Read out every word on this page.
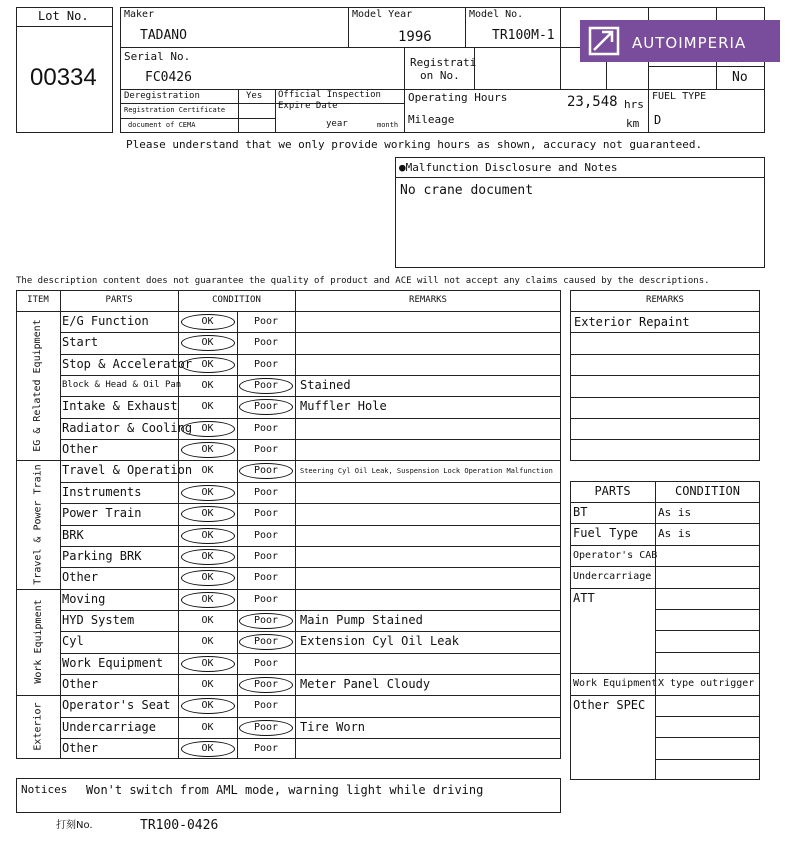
Lot No.
00334
Maker
TADANO
Model Year
1996
Model No.
TR100M-1
No
Serial No.
FC0426
Registrati
on No.
Deregistration	Yes
Registration Certificate
document of CEMA
Official Inspection
Expire Date
year	month
Operating Hours	23,548 hrs
Mileage	km
FUEL TYPE
D
AUTOIMPERIA
Please understand that we only provide working hours as shown, accuracy not guaranteed.
●Malfunction Disclosure and Notes
No crane document
The description content does not guarantee the quality of product and ACE will not accept any claims caused by the descriptions.
ITEM	PARTS	CONDITION	REMARKS
E/G Function	OK	Poor
Start	OK	Poor
Stop & Accelerator OK	Poor
Block & Head & Oil Pan	OK	Poor	Stained
Intake & Exhaust	OK	Poor	Muffler Hole
Radiator & Cooling OK	Poor
Other	OK	Poor
EG & Related Equipment
Travel & Operation OK	Poor	Steering Cyl Oil Leak, Suspension Lock Operation Malfunction
Instruments	OK	Poor
Power Train	OK	Poor
BRK	OK	Poor
Parking BRK	OK	Poor
Other	OK	Poor
Travel & Power Train
Moving	OK	Poor
HYD System	OK	Poor	Main Pump Stained
Cyl	OK	Poor	Extension Cyl Oil Leak
Work Equipment	OK	Poor
Other	OK	Poor	Meter Panel Cloudy
Work Equipment
Operator's Seat	OK	Poor
Undercarriage	OK	Poor	Tire Worn
Other	OK	Poor
Exterior
REMARKS
Exterior Repaint
PARTS	CONDITION
BT	As is
Fuel Type As is
Operator's CAB
Undercarriage
ATT
Work Equipment X type outrigger
Other SPEC
Notices Won't switch from AML mode, warning light while driving
打刻No.	TR100-0426
